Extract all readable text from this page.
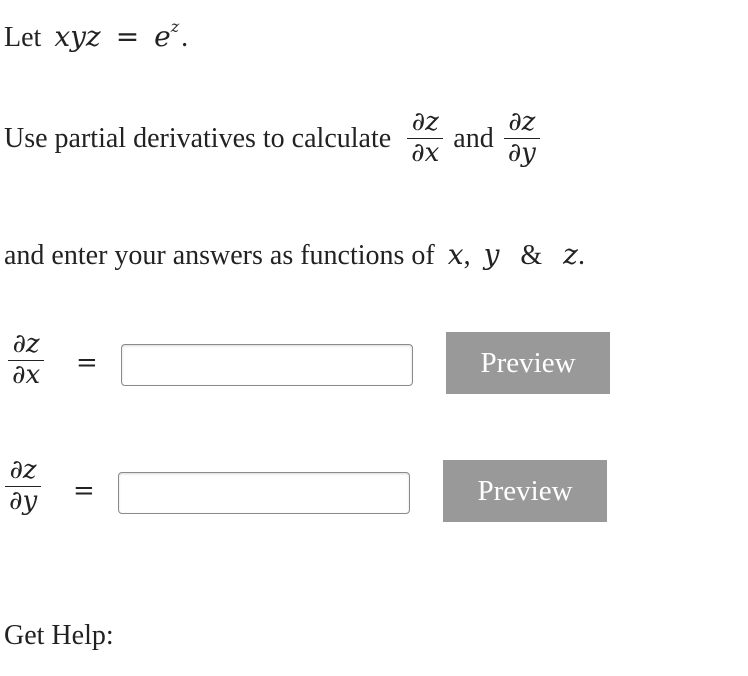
Let xyz = $e^z$.
Use partial derivatives to calculate $\frac{\partial z}{\partial x}$ and $\frac{\partial z}{\partial y}$
and enter your answers as functions of x, y & z.
∂z
∂x =	Preview
∂z
∂y =	Preview
Get Help:
